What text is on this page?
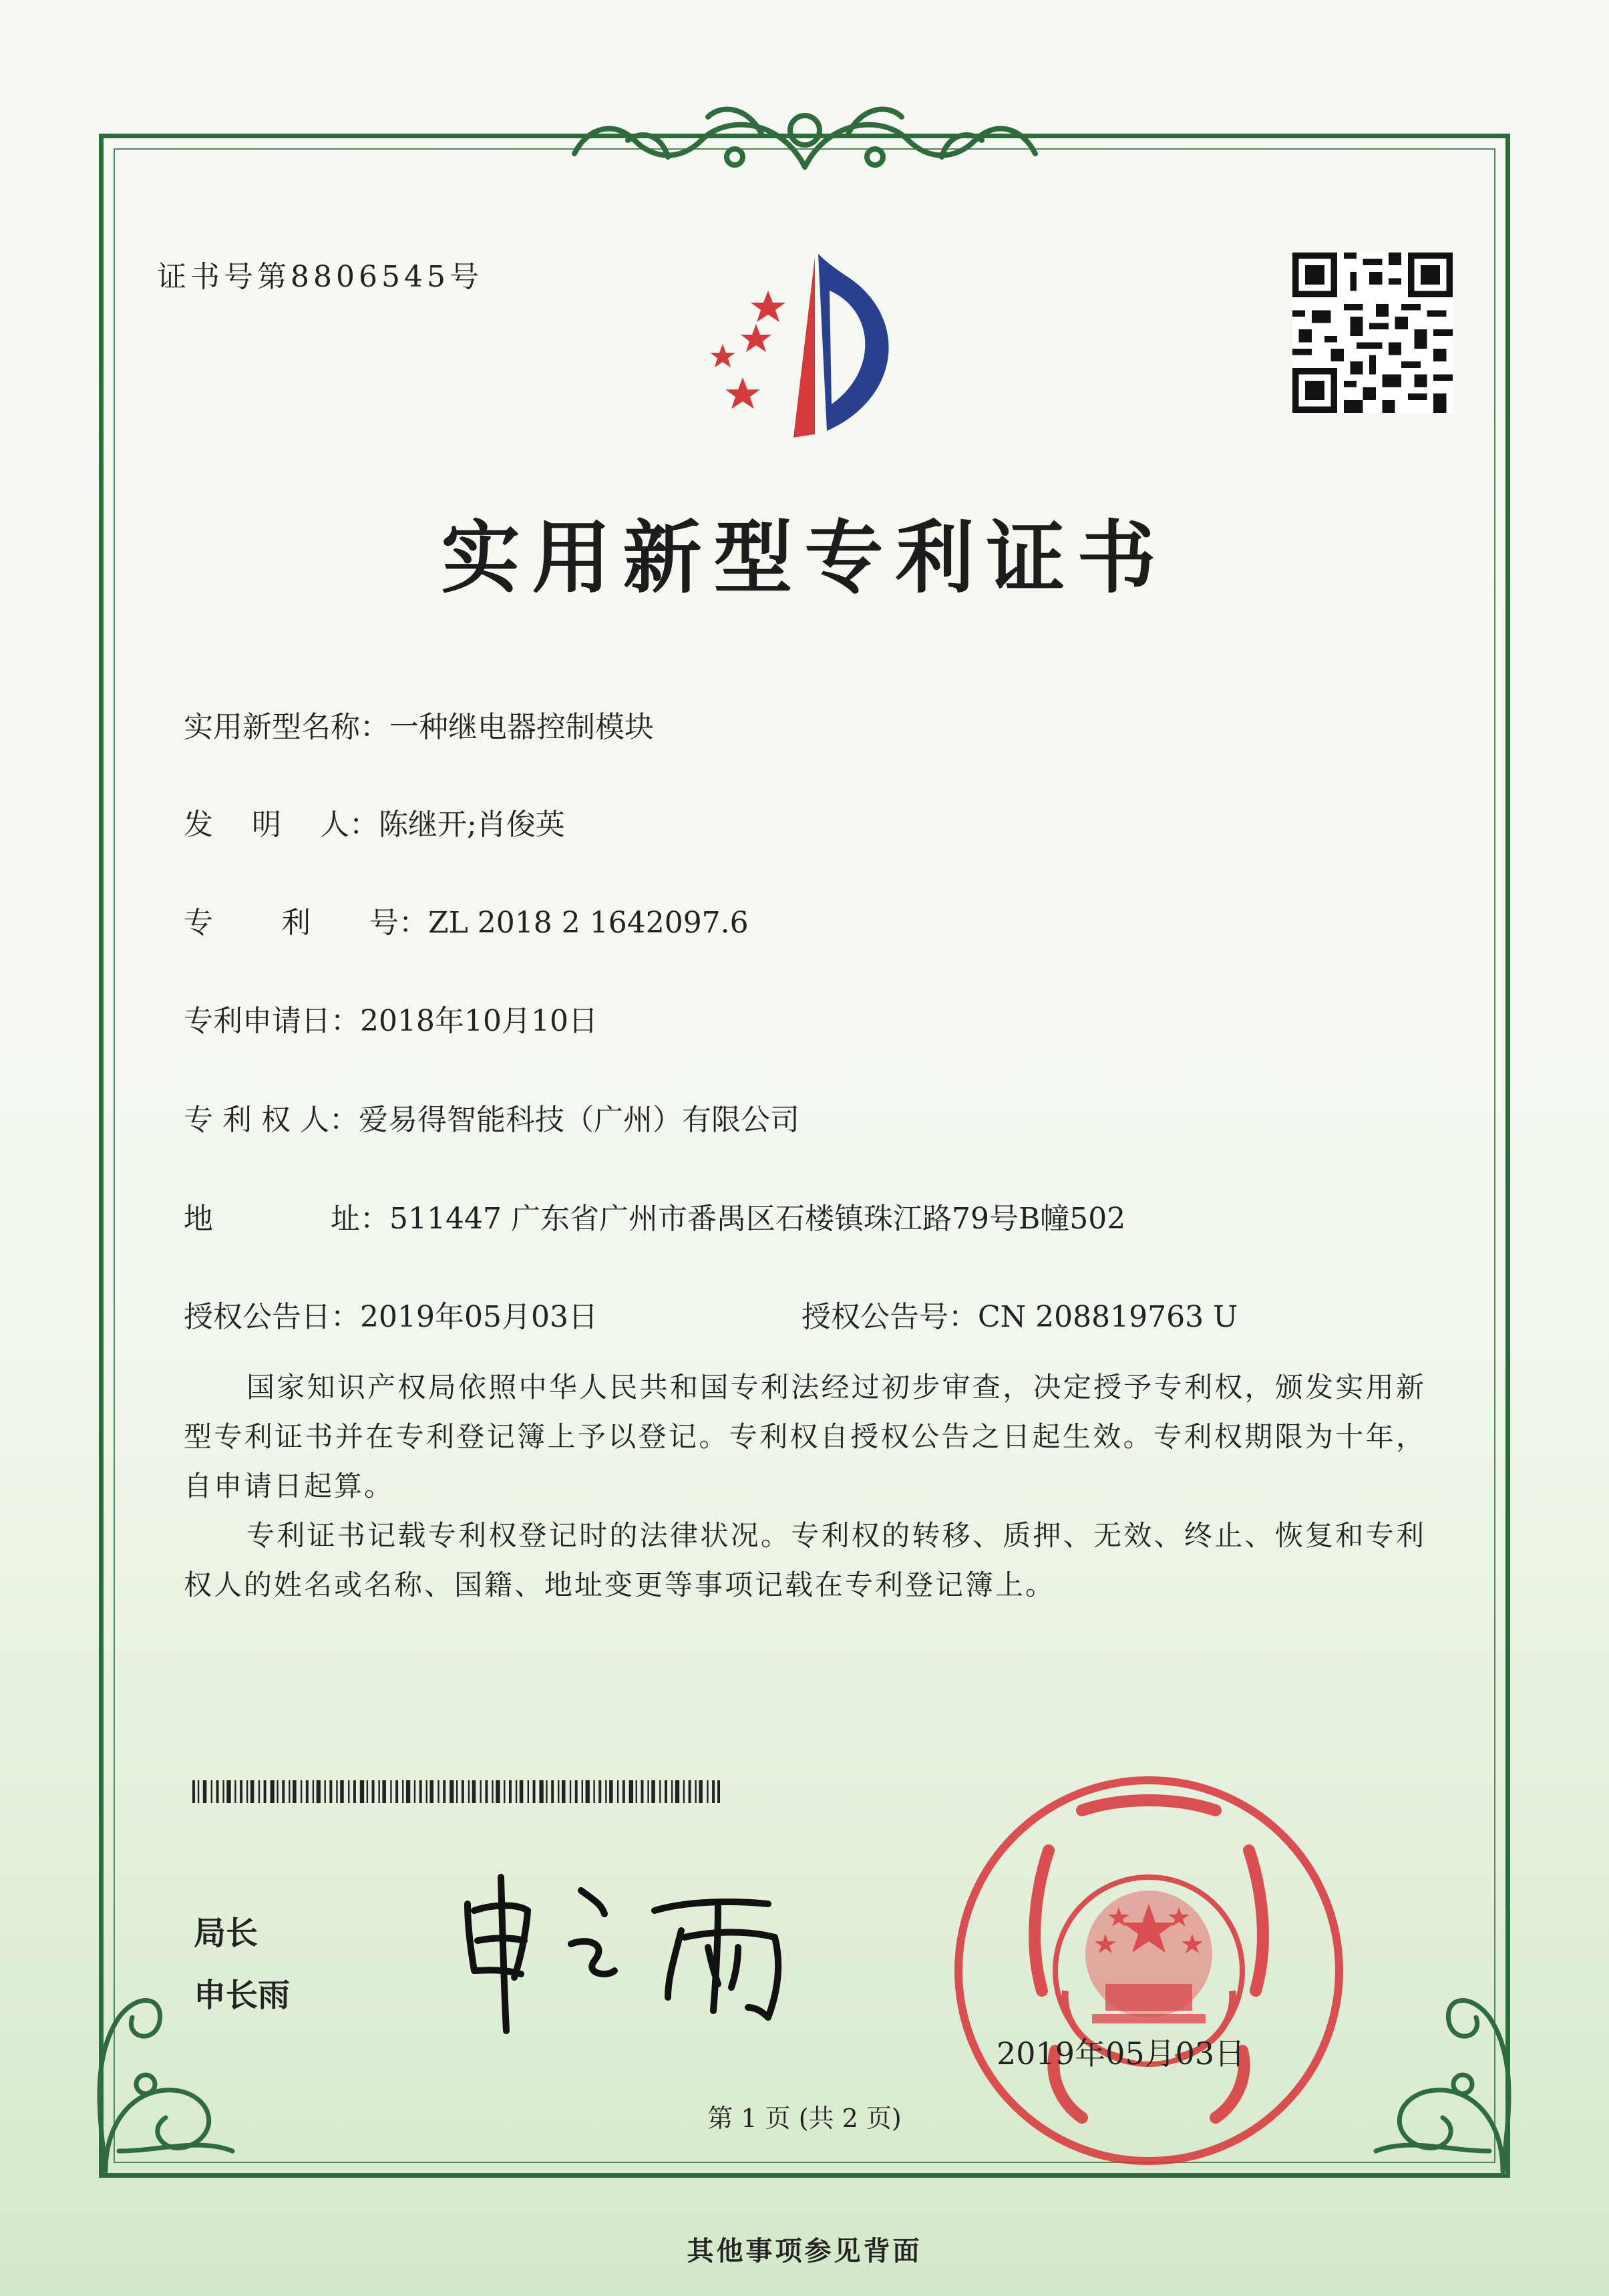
证书号第8806545号
实用新型专利证书
实用新型名称：一种继电器控制模块
发　 明　 人：陈继开;肖俊英
专　　 利　　号：ZL 2018 2 1642097.6
专利申请日：2018年10月10日
专 利 权 人：爱易得智能科技（广州）有限公司
地　　　　址：511447 广东省广州市番禺区石楼镇珠江路79号B幢502
授权公告日：2019年05月03日	授权公告号：CN 208819763 U
国家知识产权局依照中华人民共和国专利法经过初步审查，决定授予专利权，颁发实用新型专利证书并在专利登记簿上予以登记。专利权自授权公告之日起生效。专利权期限为十年，自申请日起算。
专利证书记载专利权登记时的法律状况。专利权的转移、质押、无效、终止、恢复和专利权人的姓名或名称、国籍、地址变更等事项记载在专利登记簿上。
局长
申长雨
2019年05月03日
第 1 页 (共 2 页)
其他事项参见背面
